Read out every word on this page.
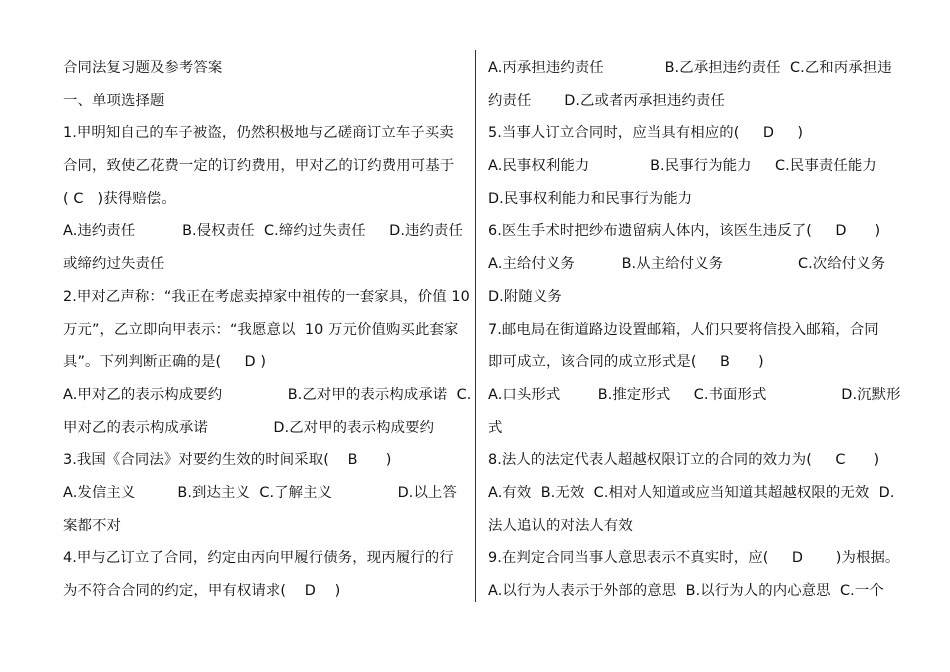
合同法复习题及参考答案
一、单项选择题
1.甲明知自己的车子被盗，仍然积极地与乙磋商订立车子买卖
合同，致使乙花费一定的订约费用，甲对乙的订约费用可基于
( C   )获得赔偿。
A.违约责任          B.侵权责任  C.缔约过失责任     D.违约责任
或缔约过失责任
2.甲对乙声称：“我正在考虑卖掉家中祖传的一套家具，价值 10
万元”，乙立即向甲表示：“我愿意以  10 万元价值购买此套家
具”。下列判断正确的是(     D )
A.甲对乙的表示构成要约              B.乙对甲的表示构成承诺  C.
甲对乙的表示构成承诺              D.乙对甲的表示构成要约
3.我国《合同法》对要约生效的时间采取(    B      )
A.发信主义         B.到达主义  C.了解主义              D.以上答
案都不对
4.甲与乙订立了合同，约定由丙向甲履行债务，现丙履行的行
为不符合合同的约定，甲有权请求(    D    )
A.丙承担违约责任             B.乙承担违约责任  C.乙和丙承担违
约责任       D.乙或者丙承担违约责任
5.当事人订立合同时，应当具有相应的(     D     )
A.民事权利能力             B.民事行为能力     C.民事责任能力
D.民事权利能力和民事行为能力
6.医生手术时把纱布遗留病人体内，该医生违反了(     D      )
A.主给付义务          B.从主给付义务                C.次给付义务
D.附随义务
7.邮电局在街道路边设置邮箱，人们只要将信投入邮箱，合同
即可成立，该合同的成立形式是(     B      )
A.口头形式        B.推定形式     C.书面形式                D.沉默形
式
8.法人的法定代表人超越权限订立的合同的效力为(     C      )
A.有效  B.无效  C.相对人知道或应当知道其超越权限的无效  D.
法人追认的对法人有效
9.在判定合同当事人意思表示不真实时，应(     D       )为根据。
A.以行为人表示于外部的意思  B.以行为人的内心意思  C.一个
